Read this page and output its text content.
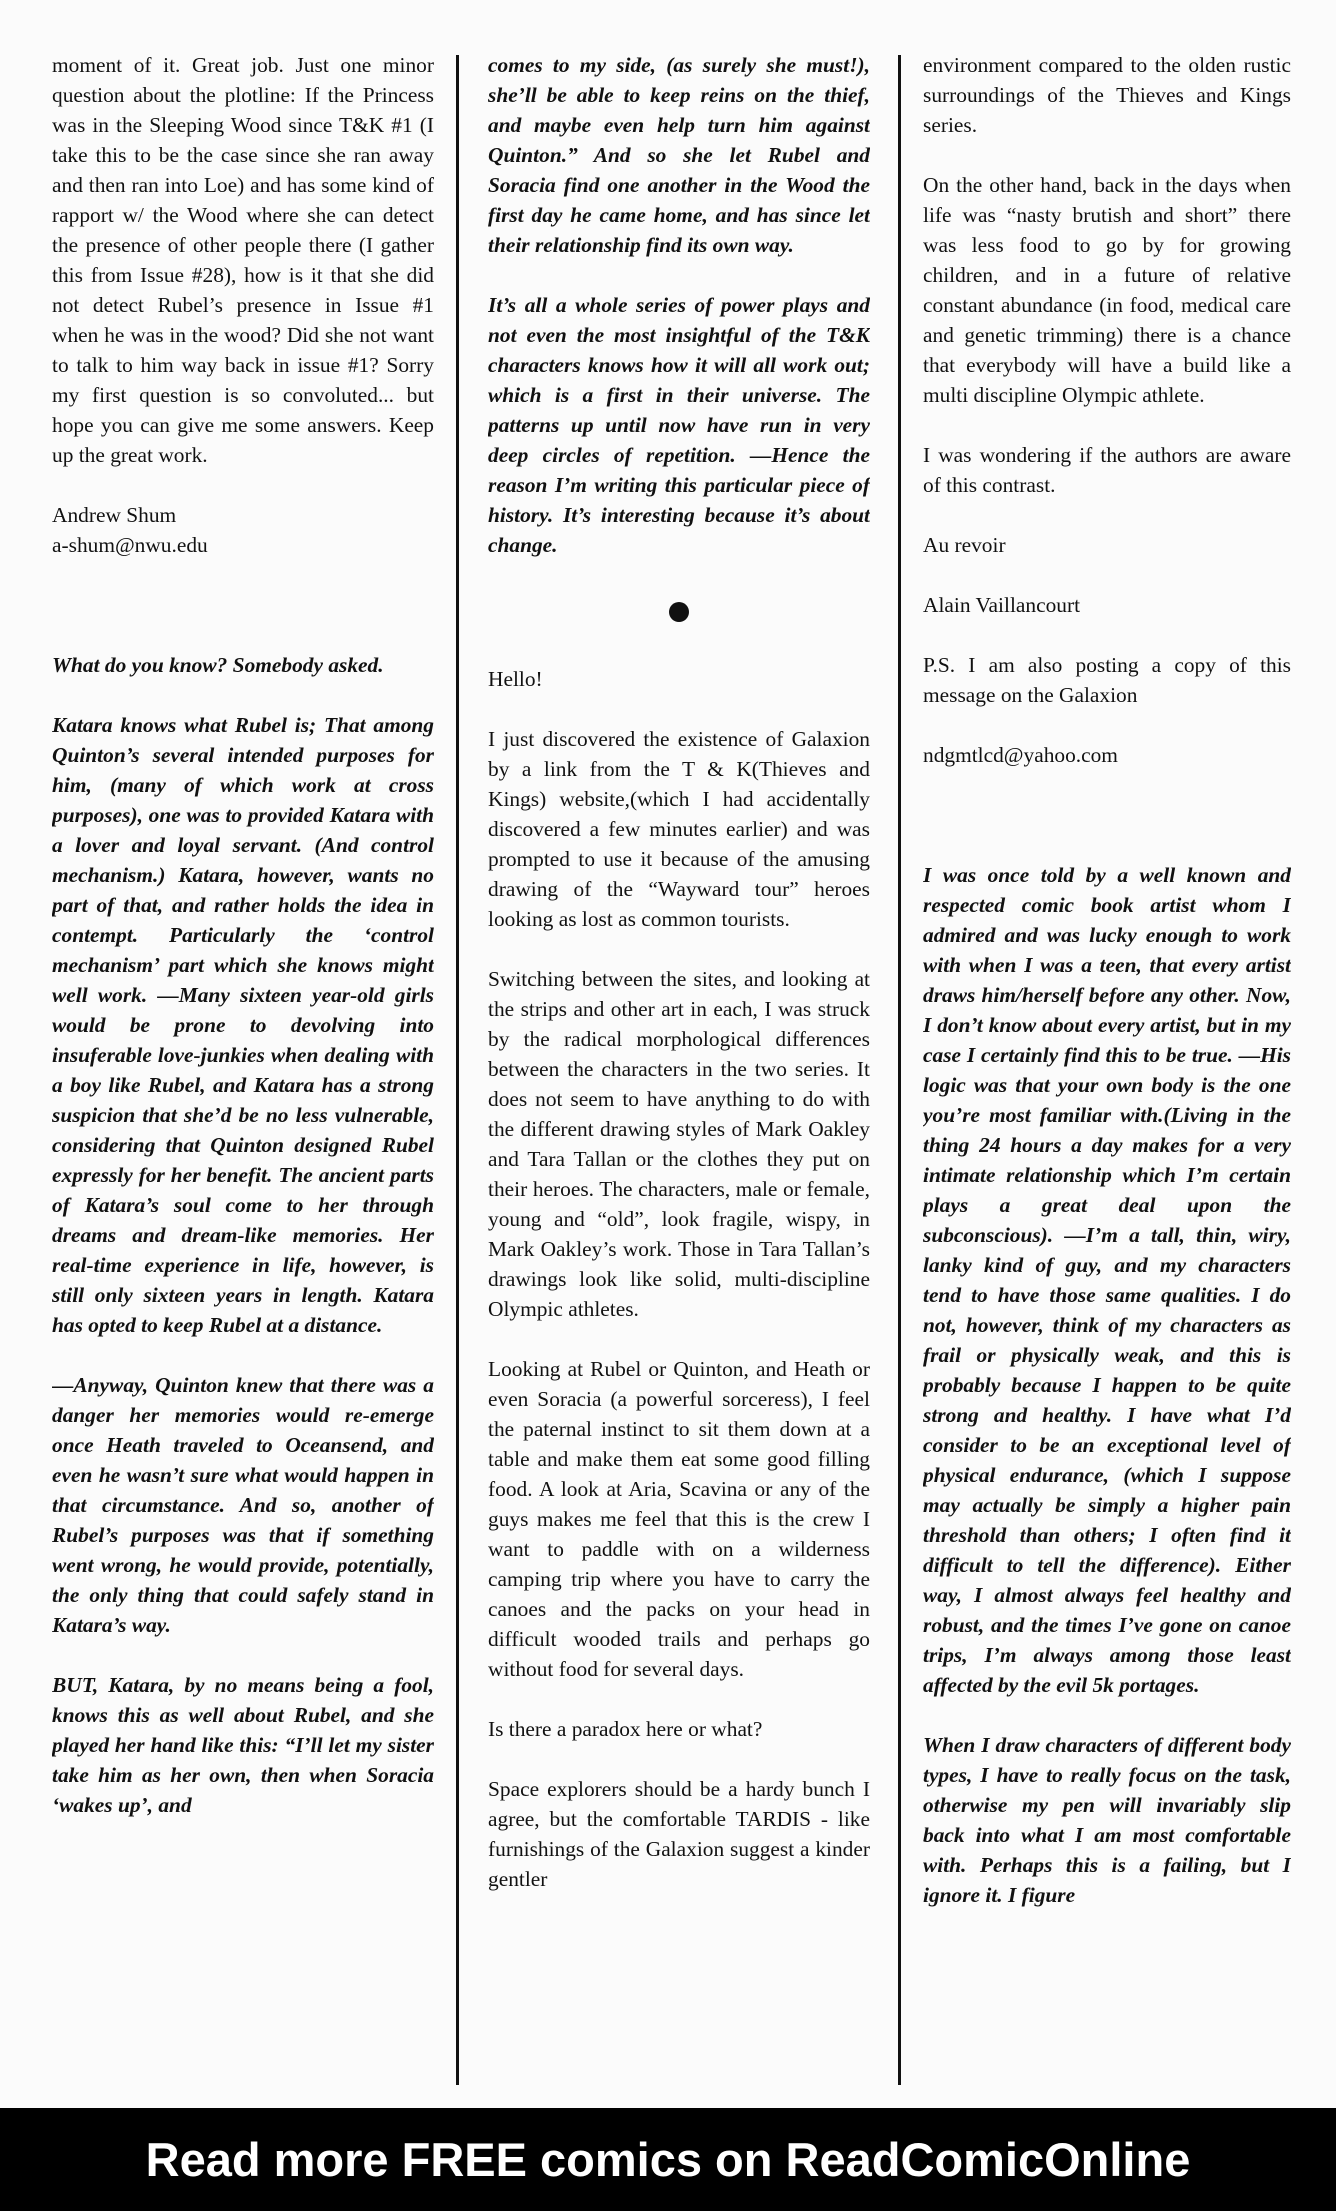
moment of it. Great job. Just one minor question about the plotline: If the Princess was in the Sleeping Wood since T&K #1 (I take this to be the case since she ran away and then ran into Loe) and has some kind of rapport w/ the Wood where she can detect the presence of other people there (I gather this from Issue #28), how is it that she did not detect Rubel’s presence in Issue #1 when he was in the wood? Did she not want to talk to him way back in issue #1? Sorry my first question is so convoluted... but hope you can give me some answers. Keep up the great work.

Andrew Shum
a-shum@nwu.edu

What do you know? Somebody asked.

Katara knows what Rubel is; That among Quinton’s several intended purposes for him, (many of which work at cross purposes), one was to provided Katara with a lover and loyal servant. (And control mechanism.) Katara, however, wants no part of that, and rather holds the idea in contempt. Particularly the ‘control mechanism’ part which she knows might well work. —Many sixteen year-old girls would be prone to devolving into insuferable love-junkies when dealing with a boy like Rubel, and Katara has a strong suspicion that she’d be no less vulnerable, considering that Quinton designed Rubel expressly for her benefit. The ancient parts of Katara’s soul come to her through dreams and dream-like memories. Her real-time experience in life, however, is still only sixteen years in length. Katara has opted to keep Rubel at a distance.

—Anyway, Quinton knew that there was a danger her memories would re-emerge once Heath traveled to Oceansend, and even he wasn’t sure what would happen in that circumstance. And so, another of Rubel’s purposes was that if something went wrong, he would provide, potentially, the only thing that could safely stand in Katara’s way.

BUT, Katara, by no means being a fool, knows this as well about Rubel, and she played her hand like this: “I’ll let my sister take him as her own, then when Soracia ‘wakes up’, and

comes to my side, (as surely she must!), she’ll be able to keep reins on the thief, and maybe even help turn him against Quinton.” And so she let Rubel and Soracia find one another in the Wood the first day he came home, and has since let their relationship find its own way.

It’s all a whole series of power plays and not even the most insightful of the T&K characters knows how it will all work out; which is a first in their universe. The patterns up until now have run in very deep circles of repetition. —Hence the reason I’m writing this particular piece of history. It’s interesting because it’s about change.

Hello!

I just discovered the existence of Galaxion by a link from the T & K(Thieves and Kings) website,(which I had accidentally discovered a few minutes earlier) and was prompted to use it because of the amusing drawing of the “Wayward tour” heroes looking as lost as common tourists.

Switching between the sites, and looking at the strips and other art in each, I was struck by the radical morphological differences between the characters in the two series. It does not seem to have anything to do with the different drawing styles of Mark Oakley and Tara Tallan or the clothes they put on their heroes. The characters, male or female, young and “old”, look fragile, wispy, in Mark Oakley’s work. Those in Tara Tallan’s drawings look like solid, multi-discipline Olympic athletes.

Looking at Rubel or Quinton, and Heath or even Soracia (a powerful sorceress), I feel the paternal instinct to sit them down at a table and make them eat some good filling food. A look at Aria, Scavina or any of the guys makes me feel that this is the crew I want to paddle with on a wilderness camping trip where you have to carry the canoes and the packs on your head in difficult wooded trails and perhaps go without food for several days.

Is there a paradox here or what?

Space explorers should be a hardy bunch I agree, but the comfortable TARDIS - like furnishings of the Galaxion suggest a kinder gentler

environment compared to the olden rustic surroundings of the Thieves and Kings series.

On the other hand, back in the days when life was “nasty brutish and short” there was less food to go by for growing children, and in a future of relative constant abundance (in food, medical care and genetic trimming) there is a chance that everybody will have a build like a multi discipline Olympic athlete.

I was wondering if the authors are aware of this contrast.

Au revoir

Alain Vaillancourt

P.S. I am also posting a copy of this message on the Galaxion

ndgmtlcd@yahoo.com

I was once told by a well known and respected comic book artist whom I admired and was lucky enough to work with when I was a teen, that every artist draws him/herself before any other. Now, I don’t know about every artist, but in my case I certainly find this to be true. —His logic was that your own body is the one you’re most familiar with.(Living in the thing 24 hours a day makes for a very intimate relationship which I’m certain plays a great deal upon the subconscious). —I’m a tall, thin, wiry, lanky kind of guy, and my characters tend to have those same qualities. I do not, however, think of my characters as frail or physically weak, and this is probably because I happen to be quite strong and healthy. I have what I’d consider to be an exceptional level of physical endurance, (which I suppose may actually be simply a higher pain threshold than others; I often find it difficult to tell the difference). Either way, I almost always feel healthy and robust, and the times I’ve gone on canoe trips, I’m always among those least affected by the evil 5k portages.

When I draw characters of different body types, I have to really focus on the task, otherwise my pen will invariably slip back into what I am most comfortable with. Perhaps this is a failing, but I ignore it. I figure

Read more FREE comics on ReadComicOnline
